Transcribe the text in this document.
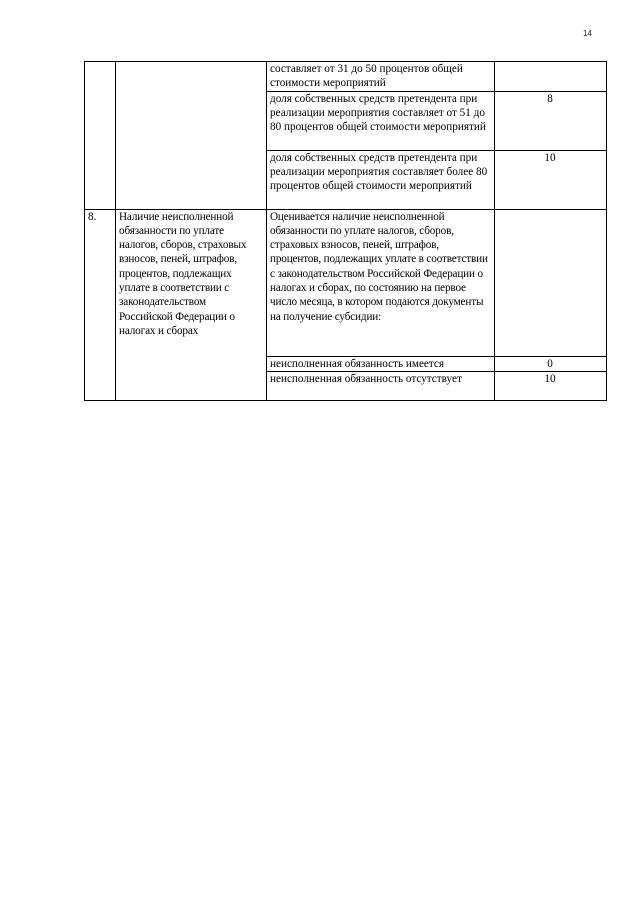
14
		составляет от 31 до 50 процентов общей стоимости мероприятий	
		доля собственных средств претендента при реализации мероприятия составляет от 51 до 80 процентов общей стоимости мероприятий	8
		доля собственных средств претендента при реализации мероприятия составляет более 80 процентов общей стоимости мероприятий	10
8.	Наличие неисполненной обязанности по уплате налогов, сборов, страховых взносов, пеней, штрафов, процентов, подлежащих уплате в соответствии с законодательством Российской Федерации о налогах и сборах	Оценивается наличие неисполненной обязанности по уплате налогов, сборов, страховых взносов, пеней, штрафов, процентов, подлежащих уплате в соответствии с законодательством Российской Федерации о налогах и сборах, по состоянию на первое число месяца, в котором подаются документы на получение субсидии:	
		неисполненная обязанность имеется	0
		неисполненная обязанность отсутствует	10
